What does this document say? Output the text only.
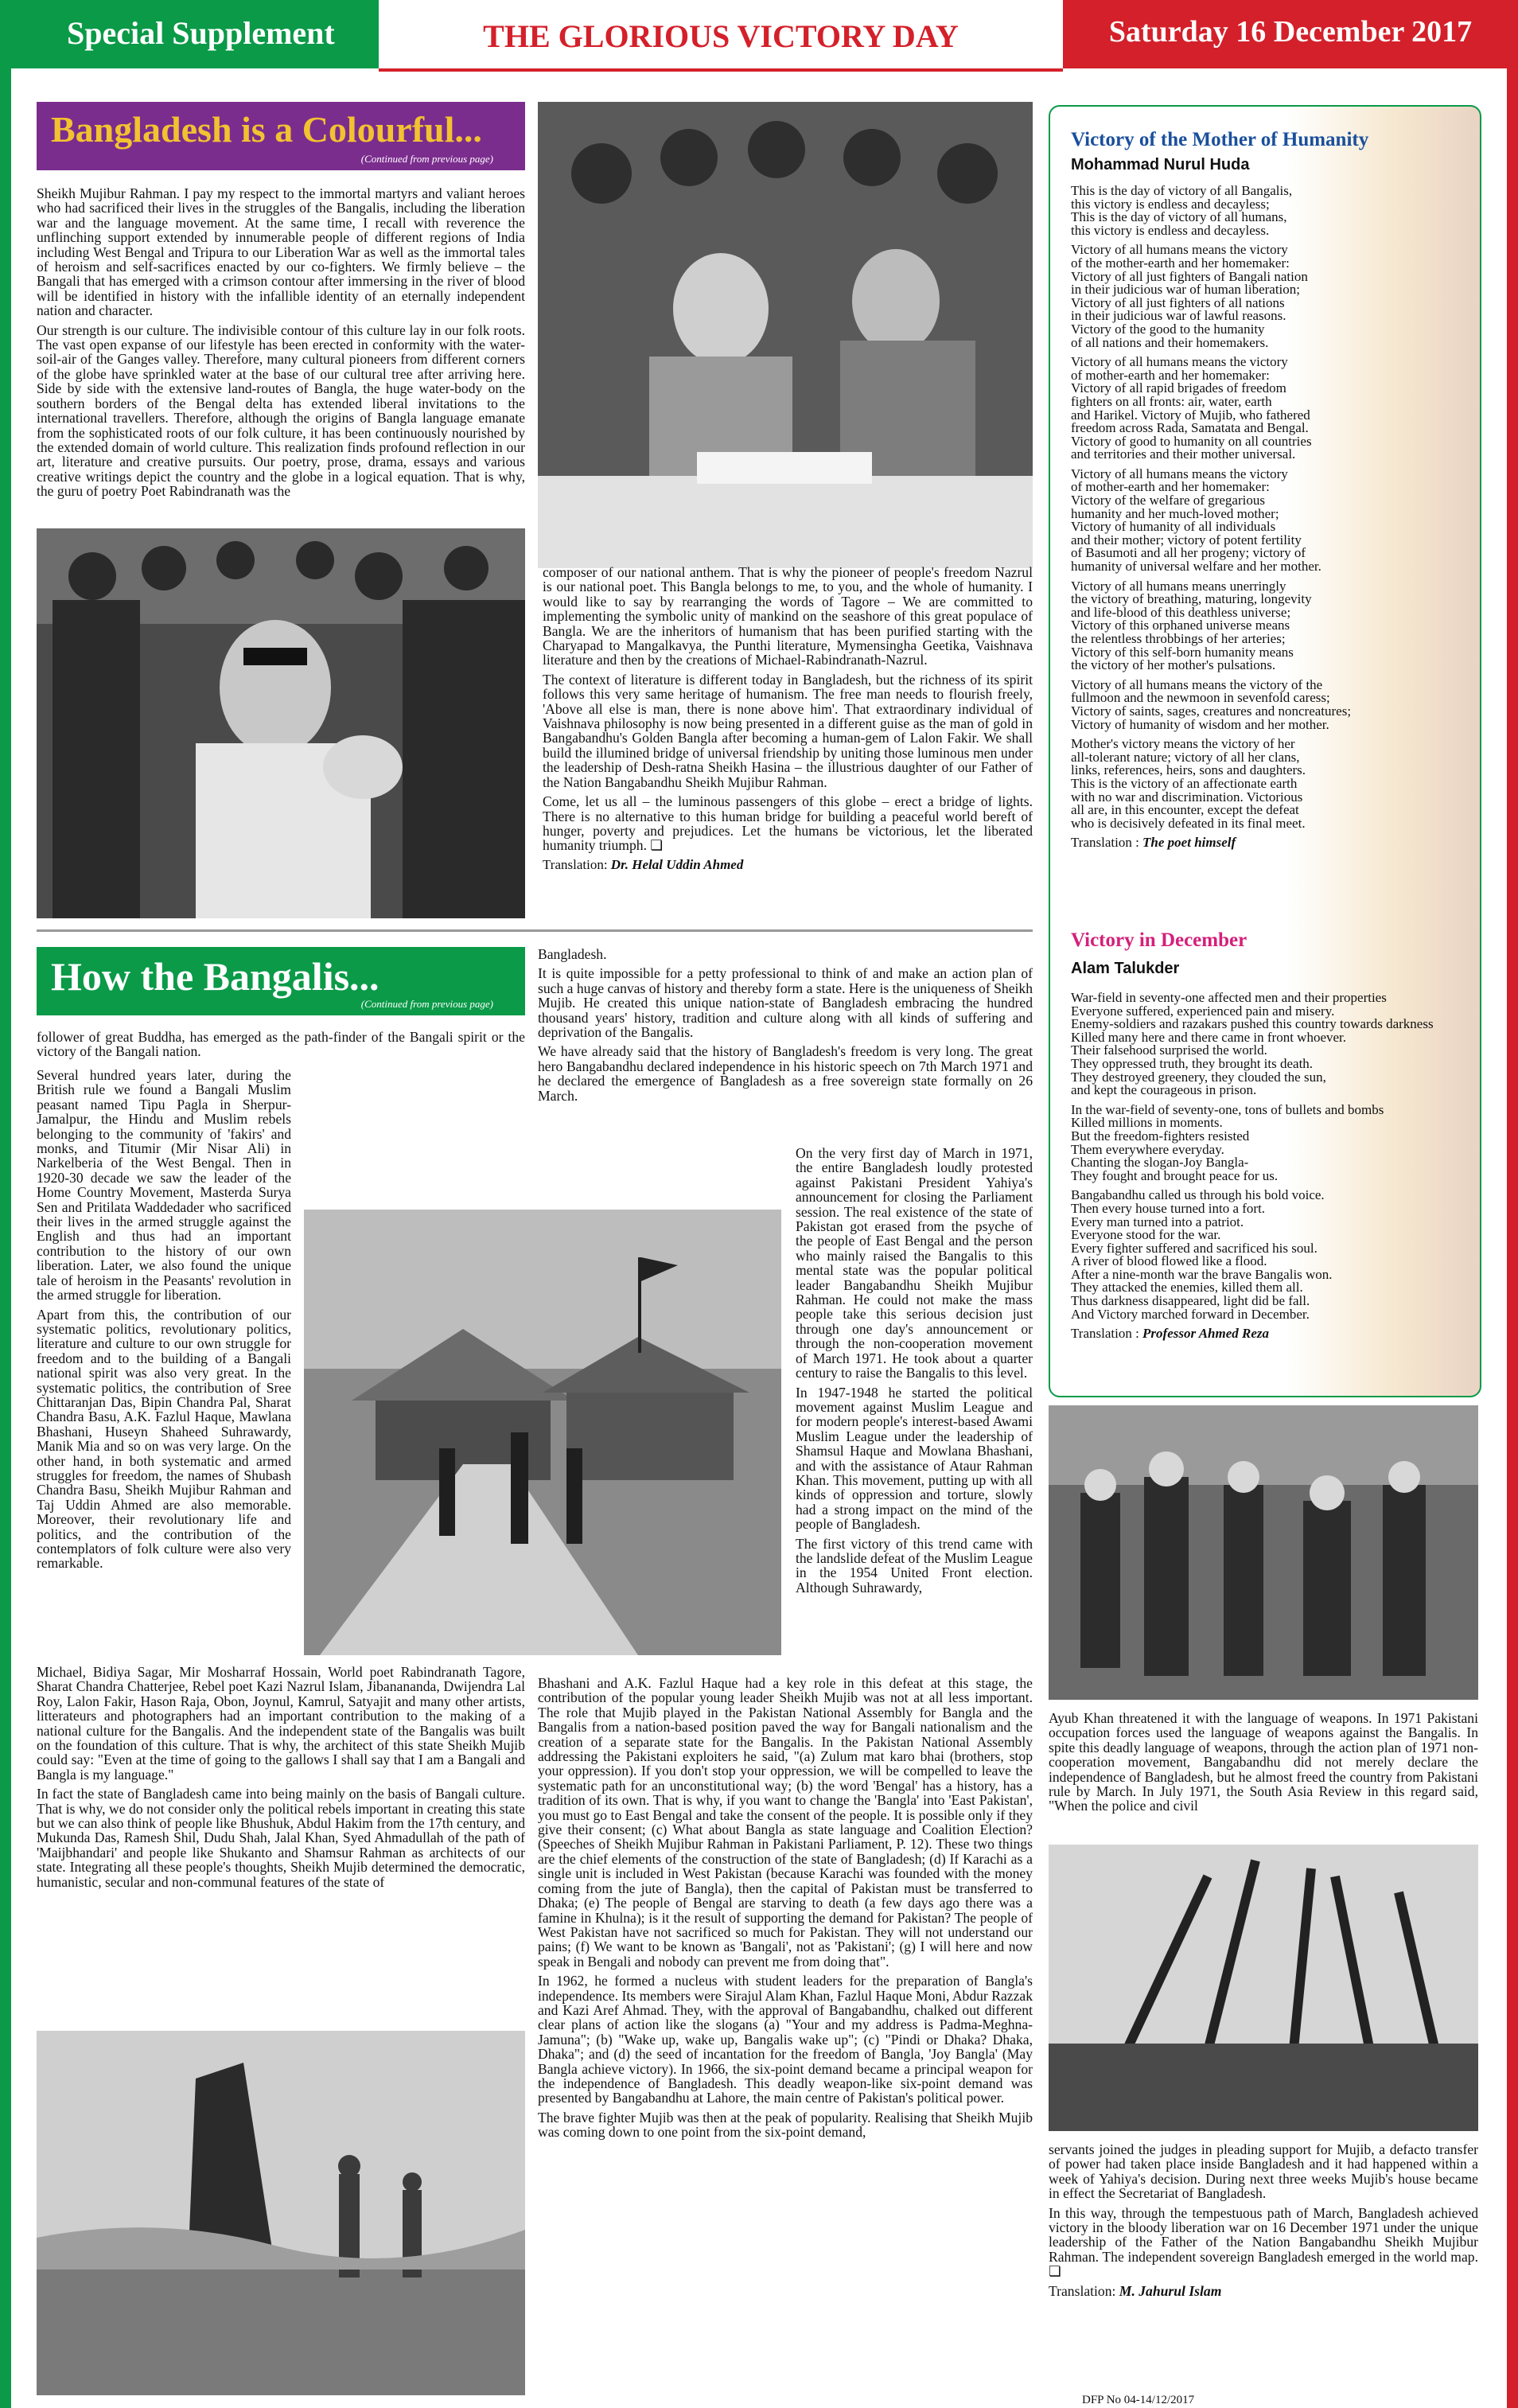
Special Supplement	THE GLORIOUS VICTORY DAY	Saturday 16 December 2017
Bangladesh is a Colourful...
(Continued from previous page)

Sheikh Mujibur Rahman. I pay my respect to the immortal martyrs and valiant heroes who had sacrificed their lives in the struggles of the Bangalis, including the liberation war and the language movement. At the same time, I recall with reverence the unflinching support extended by innumerable people of different regions of India including West Bengal and Tripura to our Liberation War as well as the immortal tales of heroism and self-sacrifices enacted by our co-fighters. We firmly believe – the Bangali that has emerged with a crimson contour after immersing in the river of blood will be identified in history with the infallible identity of an eternally independent nation and character.

Our strength is our culture. The indivisible contour of this culture lay in our folk roots. The vast open expanse of our lifestyle has been erected in conformity with the water-soil-air of the Ganges valley. Therefore, many cultural pioneers from different corners of the globe have sprinkled water at the base of our cultural tree after arriving here. Side by side with the extensive land-routes of Bangla, the huge water-body on the southern borders of the Bengal delta has extended liberal invitations to the international travellers. Therefore, although the origins of Bangla language emanate from the sophisticated roots of our folk culture, it has been continuously nourished by the extended domain of world culture. This realization finds profound reflection in our art, literature and creative pursuits. Our poetry, prose, drama, essays and various creative writings depict the country and the globe in a logical equation. That is why, the guru of poetry Poet Rabindranath was the

composer of our national anthem. That is why the pioneer of people's freedom Nazrul is our national poet. This Bangla belongs to me, to you, and the whole of humanity. I would like to say by rearranging the words of Tagore – We are committed to implementing the symbolic unity of mankind on the seashore of this great populace of Bangla. We are the inheritors of humanism that has been purified starting with the Charyapad to Mangalkavya, the Punthi literature, Mymensingha Geetika, Vaishnava literature and then by the creations of Michael-Rabindranath-Nazrul.

The context of literature is different today in Bangladesh, but the richness of its spirit follows this very same heritage of humanism. The free man needs to flourish freely, 'Above all else is man, there is none above him'. That extraordinary individual of Vaishnava philosophy is now being presented in a different guise as the man of gold in Bangabandhu's Golden Bangla after becoming a human-gem of Lalon Fakir. We shall build the illumined bridge of universal friendship by uniting those luminous men under the leadership of Desh-ratna Sheikh Hasina – the illustrious daughter of our Father of the Nation Bangabandhu Sheikh Mujibur Rahman.

Come, let us all – the luminous passengers of this globe – erect a bridge of lights. There is no alternative to this human bridge for building a peaceful world bereft of hunger, poverty and prejudices. Let the humans be victorious, let the liberated humanity triumph. ❏

Translation: Dr. Helal Uddin Ahmed

Victory of the Mother of Humanity
Mohammad Nurul Huda

This is the day of victory of all Bangalis,
this victory is endless and decayless;
This is the day of victory of all humans,
this victory is endless and decayless.

Victory of all humans means the victory
of the mother-earth and her homemaker:
Victory of all just fighters of Bangali nation
in their judicious war of human liberation;
Victory of all just fighters of all nations
in their judicious war of lawful reasons.
Victory of the good to the humanity
of all nations and their homemakers.

Victory of all humans means the victory
of mother-earth and her homemaker:
Victory of all rapid brigades of freedom
fighters on all fronts: air, water, earth
and Harikel. Victory of Mujib, who fathered
freedom across Rada, Samatata and Bengal.
Victory of good to humanity on all countries
and territories and their mother universal.

Victory of all humans means the victory
of mother-earth and her homemaker:
Victory of the welfare of gregarious
humanity and her much-loved mother;
Victory of humanity of all individuals
and their mother; victory of potent fertility
of Basumoti and all her progeny; victory of
humanity of universal welfare and her mother.

Victory of all humans means unerringly
the victory of breathing, maturing, longevity
and life-blood of this deathless universe;
Victory of this orphaned universe means
the relentless throbbings of her arteries;
Victory of this self-born humanity means
the victory of her mother's pulsations.

Victory of all humans means the victory of the
fullmoon and the newmoon in sevenfold caress;
Victory of saints, sages, creatures and noncreatures;
Victory of humanity of wisdom and her mother.

Mother's victory means the victory of her
all-tolerant nature; victory of all her clans,
links, references, heirs, sons and daughters.
This is the victory of an affectionate earth
with no war and discrimination. Victorious
all are, in this encounter, except the defeat
who is decisively defeated in its final meet.

Translation : The poet himself

Victory in December
Alam Talukder

War-field in seventy-one affected men and their properties
Everyone suffered, experienced pain and misery.
Enemy-soldiers and razakars pushed this country towards darkness
Killed many here and there came in front whoever.
Their falsehood surprised the world.
They oppressed truth, they brought its death.
They destroyed greenery, they clouded the sun,
and kept the courageous in prison.

In the war-field of seventy-one, tons of bullets and bombs
Killed millions in moments.
But the freedom-fighters resisted
Them everywhere everyday.
Chanting the slogan-Joy Bangla-
They fought and brought peace for us.

Bangabandhu called us through his bold voice.
Then every house turned into a fort.
Every man turned into a patriot.
Everyone stood for the war.
Every fighter suffered and sacrificed his soul.
A river of blood flowed like a flood.
After a nine-month war the brave Bangalis won.
They attacked the enemies, killed them all.
Thus darkness disappeared, light did be fall.
And Victory marched forward in December.

Translation : Professor Ahmed Reza

How the Bangalis...
(Continued from previous page)

follower of great Buddha, has emerged as the path-finder of the Bangali spirit or the victory of the Bangali nation.

Several hundred years later, during the British rule we found a Bangali Muslim peasant named Tipu Pagla in Sherpur-Jamalpur, the Hindu and Muslim rebels belonging to the community of 'fakirs' and monks, and Titumir (Mir Nisar Ali) in Narkelberia of the West Bengal. Then in 1920-30 decade we saw the leader of the Home Country Movement, Masterda Surya Sen and Pritilata Waddedader who sacrificed their lives in the armed struggle against the English and thus had an important contribution to the history of our own liberation. Later, we also found the unique tale of heroism in the Peasants' revolution in the armed struggle for liberation.

Apart from this, the contribution of our systematic politics, revolutionary politics, literature and culture to our own struggle for freedom and to the building of a Bangali national spirit was also very great. In the systematic politics, the contribution of Sree Chittaranjan Das, Bipin Chandra Pal, Sharat Chandra Basu, A.K. Fazlul Haque, Mawlana Bhashani, Huseyn Shaheed Suhrawardy, Manik Mia and so on was very large. On the other hand, in both systematic and armed struggles for freedom, the names of Shubash Chandra Basu, Sheikh Mujibur Rahman and Taj Uddin Ahmed are also memorable. Moreover, their revolutionary life and politics, and the contribution of the contemplators of folk culture were also very remarkable.

Michael, Bidiya Sagar, Mir Mosharraf Hossain, World poet Rabindranath Tagore, Sharat Chandra Chatterjee, Rebel poet Kazi Nazrul Islam, Jibanananda, Dwijendra Lal Roy, Lalon Fakir, Hason Raja, Obon, Joynul, Kamrul, Satyajit and many other artists, litterateurs and photographers had an important contribution to the making of a national culture for the Bangalis. And the independent state of the Bangalis was built on the foundation of this culture. That is why, the architect of this state Sheikh Mujib could say: "Even at the time of going to the gallows I shall say that I am a Bangali and Bangla is my language."

In fact the state of Bangladesh came into being mainly on the basis of Bangali culture. That is why, we do not consider only the political rebels important in creating this state but we can also think of people like Bhushuk, Abdul Hakim from the 17th century, and Mukunda Das, Ramesh Shil, Dudu Shah, Jalal Khan, Syed Ahmadullah of the path of 'Maijbhandari' and people like Shukanto and Shamsur Rahman as architects of our state. Integrating all these people's thoughts, Sheikh Mujib determined the democratic, humanistic, secular and non-communal features of the state of

Bangladesh.

It is quite impossible for a petty professional to think of and make an action plan of such a huge canvas of history and thereby form a state. Here is the uniqueness of Sheikh Mujib. He created this unique nation-state of Bangladesh embracing the hundred thousand years' history, tradition and culture along with all kinds of suffering and deprivation of the Bangalis.

We have already said that the history of Bangladesh's freedom is very long. The great hero Bangabandhu declared independence in his historic speech on 7th March 1971 and he declared the emergence of Bangladesh as a free sovereign state formally on 26 March.

On the very first day of March in 1971, the entire Bangladesh loudly protested against Pakistani President Yahiya's announcement for closing the Parliament session. The real existence of the state of Pakistan got erased from the psyche of the people of East Bengal and the person who mainly raised the Bangalis to this mental state was the popular political leader Bangabandhu Sheikh Mujibur Rahman. He could not make the mass people take this serious decision just through one day's announcement or through the non-cooperation movement of March 1971. He took about a quarter century to raise the Bangalis to this level.

In 1947-1948 he started the political movement against Muslim League and for modern people's interest-based Awami Muslim League under the leadership of Shamsul Haque and Mowlana Bhashani, and with the assistance of Ataur Rahman Khan. This movement, putting up with all kinds of oppression and torture, slowly had a strong impact on the mind of the people of Bangladesh.

The first victory of this trend came with the landslide defeat of the Muslim League in the 1954 United Front election. Although Suhrawardy,

Bhashani and A.K. Fazlul Haque had a key role in this defeat at this stage, the contribution of the popular young leader Sheikh Mujib was not at all less important. The role that Mujib played in the Pakistan National Assembly for Bangla and the Bangalis from a nation-based position paved the way for Bangali nationalism and the creation of a separate state for the Bangalis. In the Pakistan National Assembly addressing the Pakistani exploiters he said, "(a) Zulum mat karo bhai (brothers, stop your oppression). If you don't stop your oppression, we will be compelled to leave the systematic path for an unconstitutional way; (b) the word 'Bengal' has a history, has a tradition of its own. That is why, if you want to change the 'Bangla' into 'East Pakistan', you must go to East Bengal and take the consent of the people. It is possible only if they give their consent; (c) What about Bangla as state language and Coalition Election? (Speeches of Sheikh Mujibur Rahman in Pakistani Parliament, P. 12). These two things are the chief elements of the construction of the state of Bangladesh; (d) If Karachi as a single unit is included in West Pakistan (because Karachi was founded with the money coming from the jute of Bangla), then the capital of Pakistan must be transferred to Dhaka; (e) The people of Bengal are starving to death (a few days ago there was a famine in Khulna); is it the result of supporting the demand for Pakistan? The people of West Pakistan have not sacrificed so much for Pakistan. They will not understand our pains; (f) We want to be known as 'Bangali', not as 'Pakistani'; (g) I will here and now speak in Bengali and nobody can prevent me from doing that".

In 1962, he formed a nucleus with student leaders for the preparation of Bangla's independence. Its members were Sirajul Alam Khan, Fazlul Haque Moni, Abdur Razzak and Kazi Aref Ahmad. They, with the approval of Bangabandhu, chalked out different clear plans of action like the slogans (a) "Your and my address is Padma-Meghna-Jamuna"; (b) "Wake up, wake up, Bangalis wake up"; (c) "Pindi or Dhaka? Dhaka, Dhaka"; and (d) the seed of incantation for the freedom of Bangla, 'Joy Bangla' (May Bangla achieve victory). In 1966, the six-point demand became a principal weapon for the independence of Bangladesh. This deadly weapon-like six-point demand was presented by Bangabandhu at Lahore, the main centre of Pakistan's political power.

The brave fighter Mujib was then at the peak of popularity. Realising that Sheikh Mujib was coming down to one point from the six-point demand,

Ayub Khan threatened it with the language of weapons. In 1971 Pakistani occupation forces used the language of weapons against the Bangalis. In spite this deadly language of weapons, through the action plan of 1971 non-cooperation movement, Bangabandhu did not merely declare the independence of Bangladesh, but he almost freed the country from Pakistani rule by March. In July 1971, the South Asia Review in this regard said, "When the police and civil

servants joined the judges in pleading support for Mujib, a defacto transfer of power had taken place inside Bangladesh and it had happened within a week of Yahiya's decision. During next three weeks Mujib's house became in effect the Secretariat of Bangladesh.

In this way, through the tempestuous path of March, Bangladesh achieved victory in the bloody liberation war on 16 December 1971 under the unique leadership of the Father of the Nation Bangabandhu Sheikh Mujibur Rahman. The independent sovereign Bangladesh emerged in the world map. ❏

Translation: M. Jahurul Islam

DFP No 04-14/12/2017
